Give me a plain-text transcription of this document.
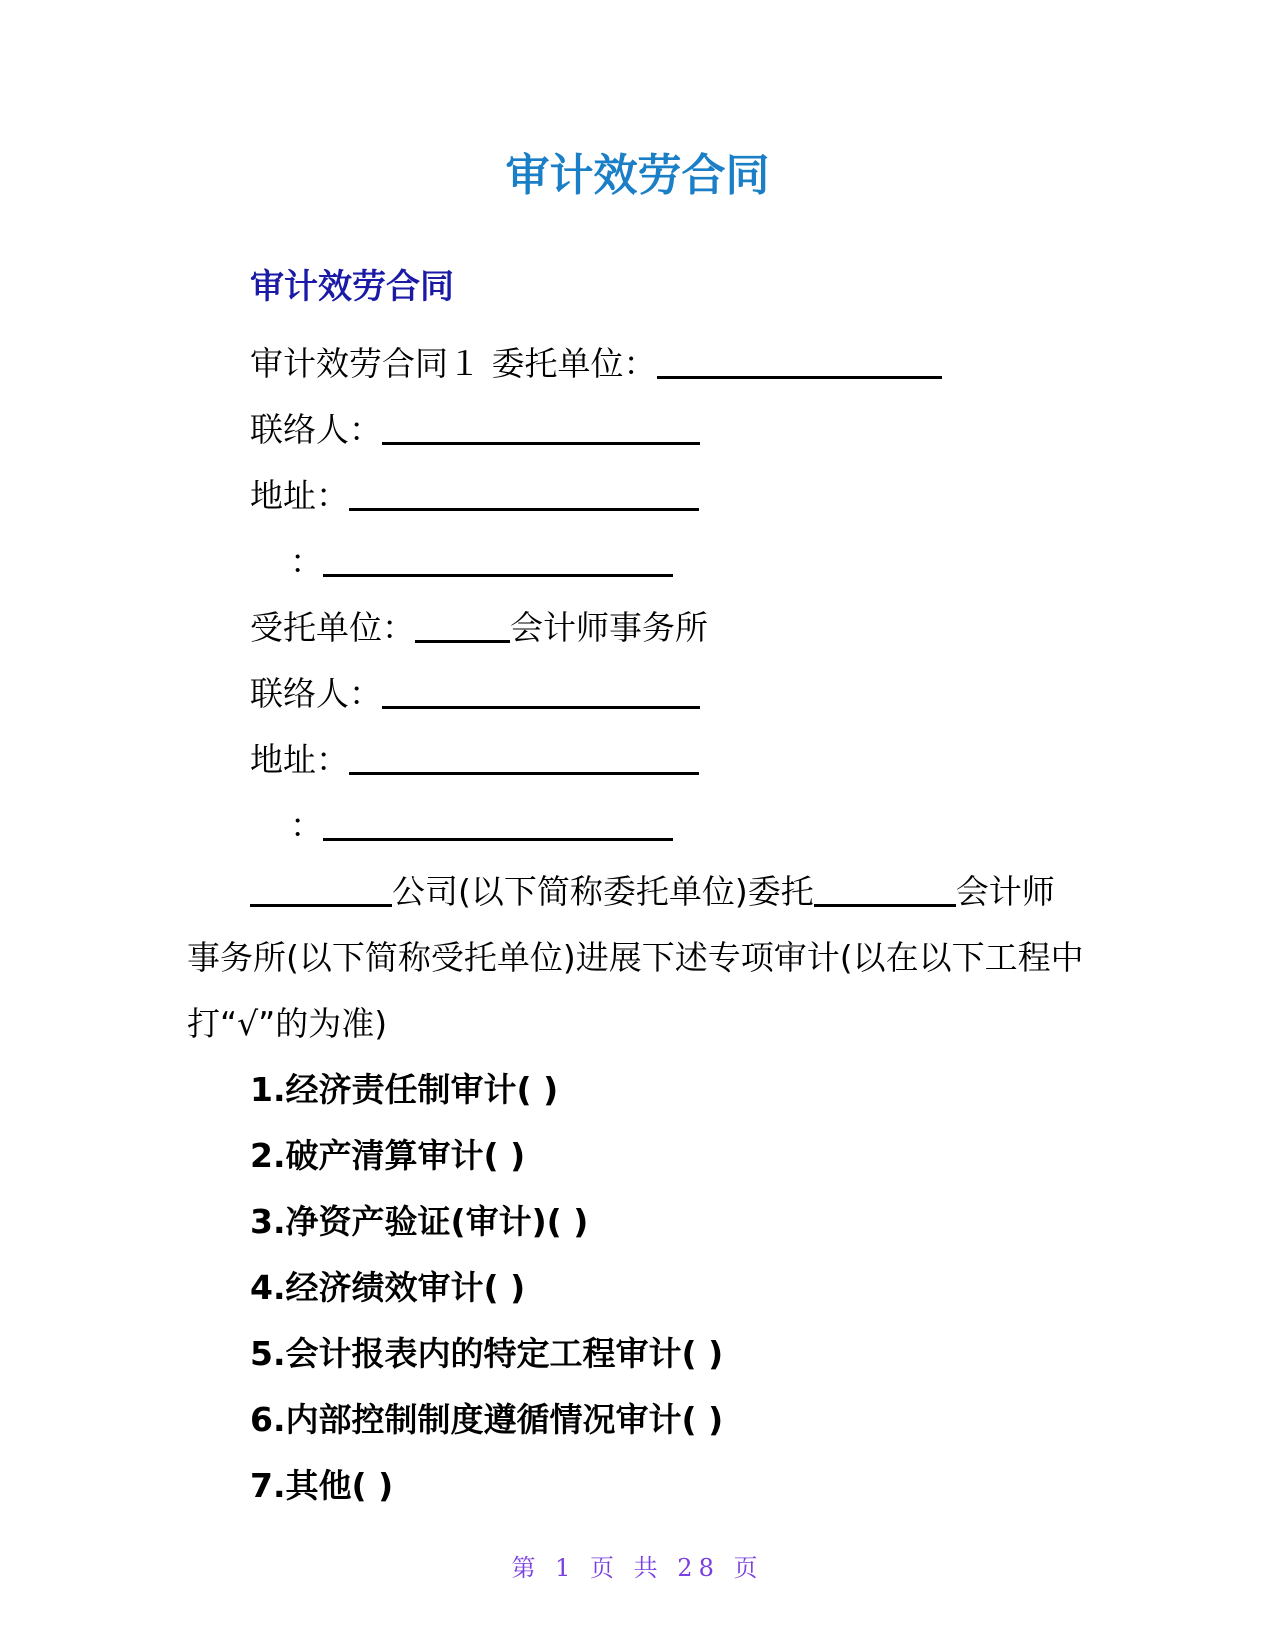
审计效劳合同
审计效劳合同
审计效劳合同１ 委托单位：
联络人：
地址：
：
受托单位：	会计师事务所
联络人：
地址：
：

公司(以下简称委托单位)委托	会计师事务所(以下简称受托单位)进展下述专项审计(以在以下工程中打“√”的为准)

1.经济责任制审计( )
2.破产清算审计( )
3.净资产验证(审计)( )
4.经济绩效审计( )
5.会计报表内的特定工程审计( )
6.内部控制制度遵循情况审计( )
7.其他( )
第 1 页 共 28 页
